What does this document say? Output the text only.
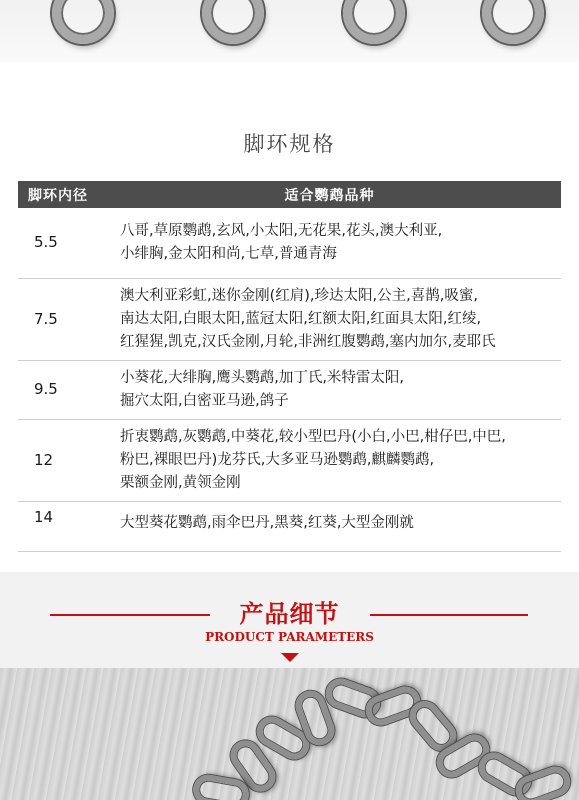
脚环规格
脚环内径	适合鹦鹉品种
5.5	八哥,草原鹦鹉,玄风,小太阳,无花果,花头,澳大利亚,
小绯胸,金太阳和尚,七草,普通青海

7.5	澳大利亚彩虹,迷你金刚(红肩),珍达太阳,公主,喜鹊,吸蜜,
南达太阳,白眼太阳,蓝冠太阳,红额太阳,红面具太阳,红绫,
红猩猩,凯克,汉氏金刚,月轮,非洲红腹鹦鹉,塞内加尔,麦耶氏

9.5	小葵花,大绯胸,鹰头鹦鹉,加丁氏,米特雷太阳,
掘穴太阳,白密亚马逊,鸽子

12	折衷鹦鹉,灰鹦鹉,中葵花,较小型巴丹(小白,小巴,柑仔巴,中巴,
粉巴,裸眼巴丹)龙芬氏,大多亚马逊鹦鹉,麒麟鹦鹉,
栗额金刚,黄领金刚

14	大型葵花鹦鹉,雨伞巴丹,黑葵,红葵,大型金刚就
产品细节
PRODUCT PARAMETERS
